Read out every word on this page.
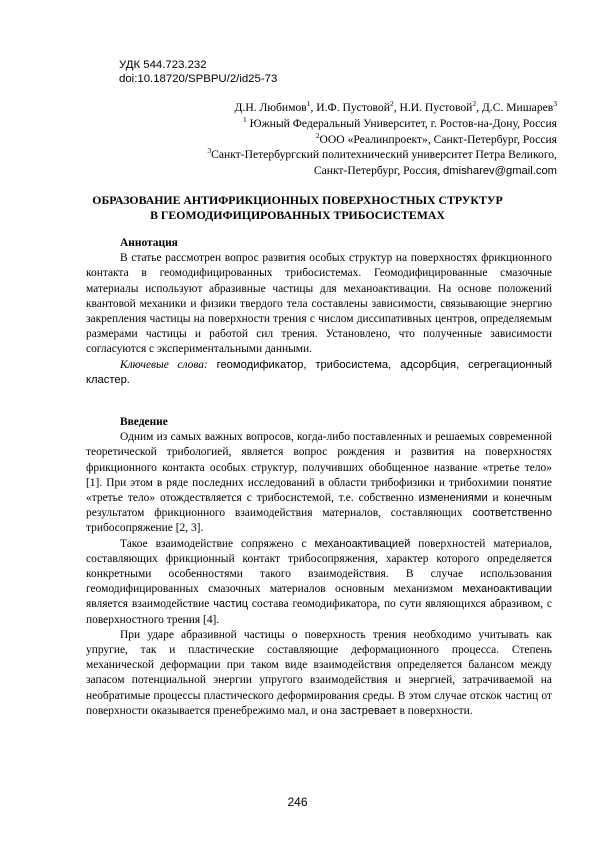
УДК 544.723.232
doi:10.18720/SPBPU/2/id25-73
Д.Н. Любимов$^1$, И.Ф. Пустовой$^2$, Н.И. Пустовой$^2$, Д.С. Мишарев$^3$
$^1$ Южный Федеральный Университет, г. Ростов-на-Дону, Россия
$^2$ООО «Реалинпроект», Санкт-Петербург, Россия
$^3$Санкт-Петербургский политехнический университет Петра Великого,
Санкт-Петербург, Россия, dmisharev@gmail.com
ОБРАЗОВАНИЕ АНТИФРИКЦИОННЫХ ПОВЕРХНОСТНЫХ СТРУКТУР
В ГЕОМОДИФИЦИРОВАННЫХ ТРИБОСИСТЕМАХ

Аннотация

В статье рассмотрен вопрос развития особых структур на поверхностях фрикционного контакта в геомодифицированных трибосистемах. Геомодифицированные смазочные материалы используют абразивные частицы для механоактивации. На основе положений квантовой механики и физики твердого тела составлены зависимости, связывающие энергию закрепления частицы на поверхности трения с числом диссипативных центров, определяемым размерами частицы и работой сил трения. Установлено, что полученные зависимости согласуются с экспериментальными данными.

Ключевые слова: геомодификатор, трибосистема, адсорбция, сегрегационный кластер.

Введение

Одним из самых важных вопросов, когда-либо поставленных и решаемых современной теоретической трибологией, является вопрос рождения и развития на поверхностях фрикционного контакта особых структур, получивших обобщенное название «третье тело» [1]. При этом в ряде последних исследований в области трибофизики и трибохимии понятие «третье тело» отождествляется с трибосистемой, т.е. собственно изменениями и конечным результатом фрикционного взаимодействия материалов, составляющих соответственно трибосопряжение [2, 3].

Такое взаимодействие сопряжено с механоактивацией поверхностей материалов, составляющих фрикционный контакт трибосопряжения, характер которого определяется конкретными особенностями такого взаимодействия. В случае использования геомодифицированных смазочных материалов основным механизмом механоактивации является взаимодействие частиц состава геомодификатора, по сути являющихся абразивом, с поверхностного трения [4].

При ударе абразивной частицы о поверхность трения необходимо учитывать как упругие, так и пластические составляющие деформационного процесса. Степень механической деформации при таком виде взаимодействия определяется балансом между запасом потенциальной энергии упругого взаимодействия и энергией, затрачиваемой на необратимые процессы пластического деформирования среды. В этом случае отскок частиц от поверхности оказывается пренебрежимо мал, и она застревает в поверхности.

246
